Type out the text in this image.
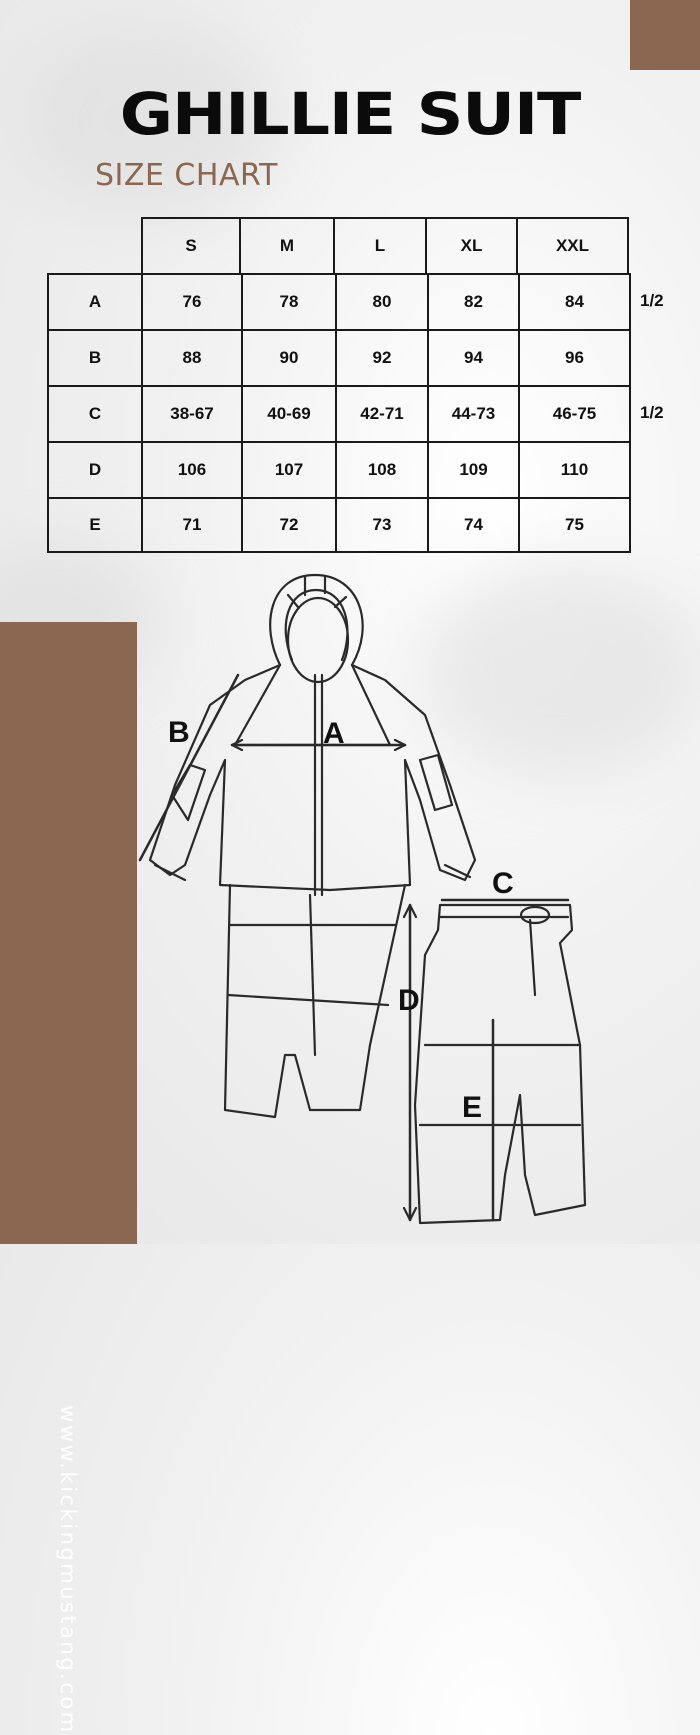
GHILLIE SUIT
SIZE CHART
S	M	L	XL	XXL
A	76	78	80	82	84
B	88	90	92	94	96
C	38-67	40-69	42-71	44-73	46-75
D	106	107	108	109	110
E	71	72	73	74	75
1/2
1/2
www.kickingmustang.com
B	A
C
D
E
